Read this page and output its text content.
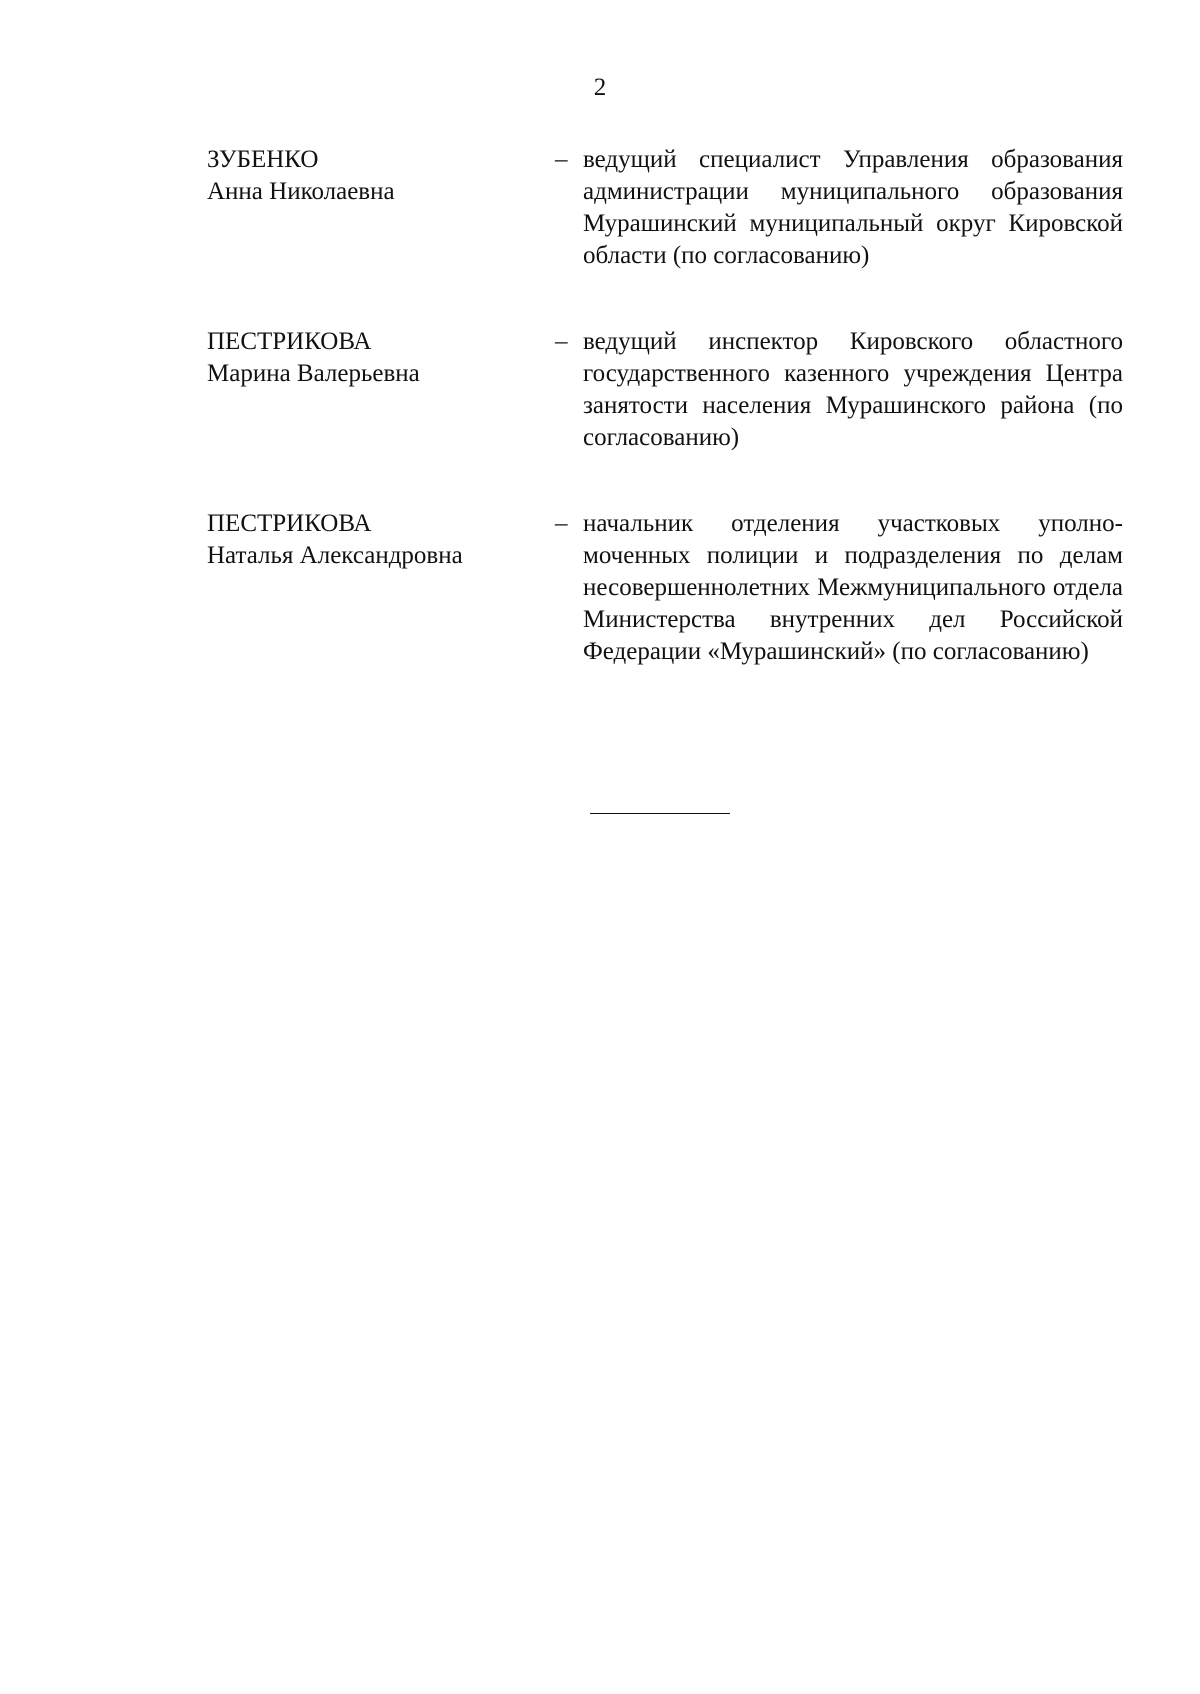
2
ЗУБЕНКО
Анна Николаевна
– ведущий специалист Управления образования администрации муниципального образования Мурашинский муниципальный округ Кировской области (по согласованию)
ПЕСТРИКОВА
Марина Валерьевна
– ведущий инспектор Кировского областного государственного казенного учреждения Центра занятости населения Мурашинского района (по согласованию)
ПЕСТРИКОВА
Наталья Александровна
– начальник отделения участковых уполномоченных полиции и подразделения по делам несовершеннолетних Межмуниципального отдела Министерства внутренних дел Российской Федерации «Мурашинский» (по согласованию)
